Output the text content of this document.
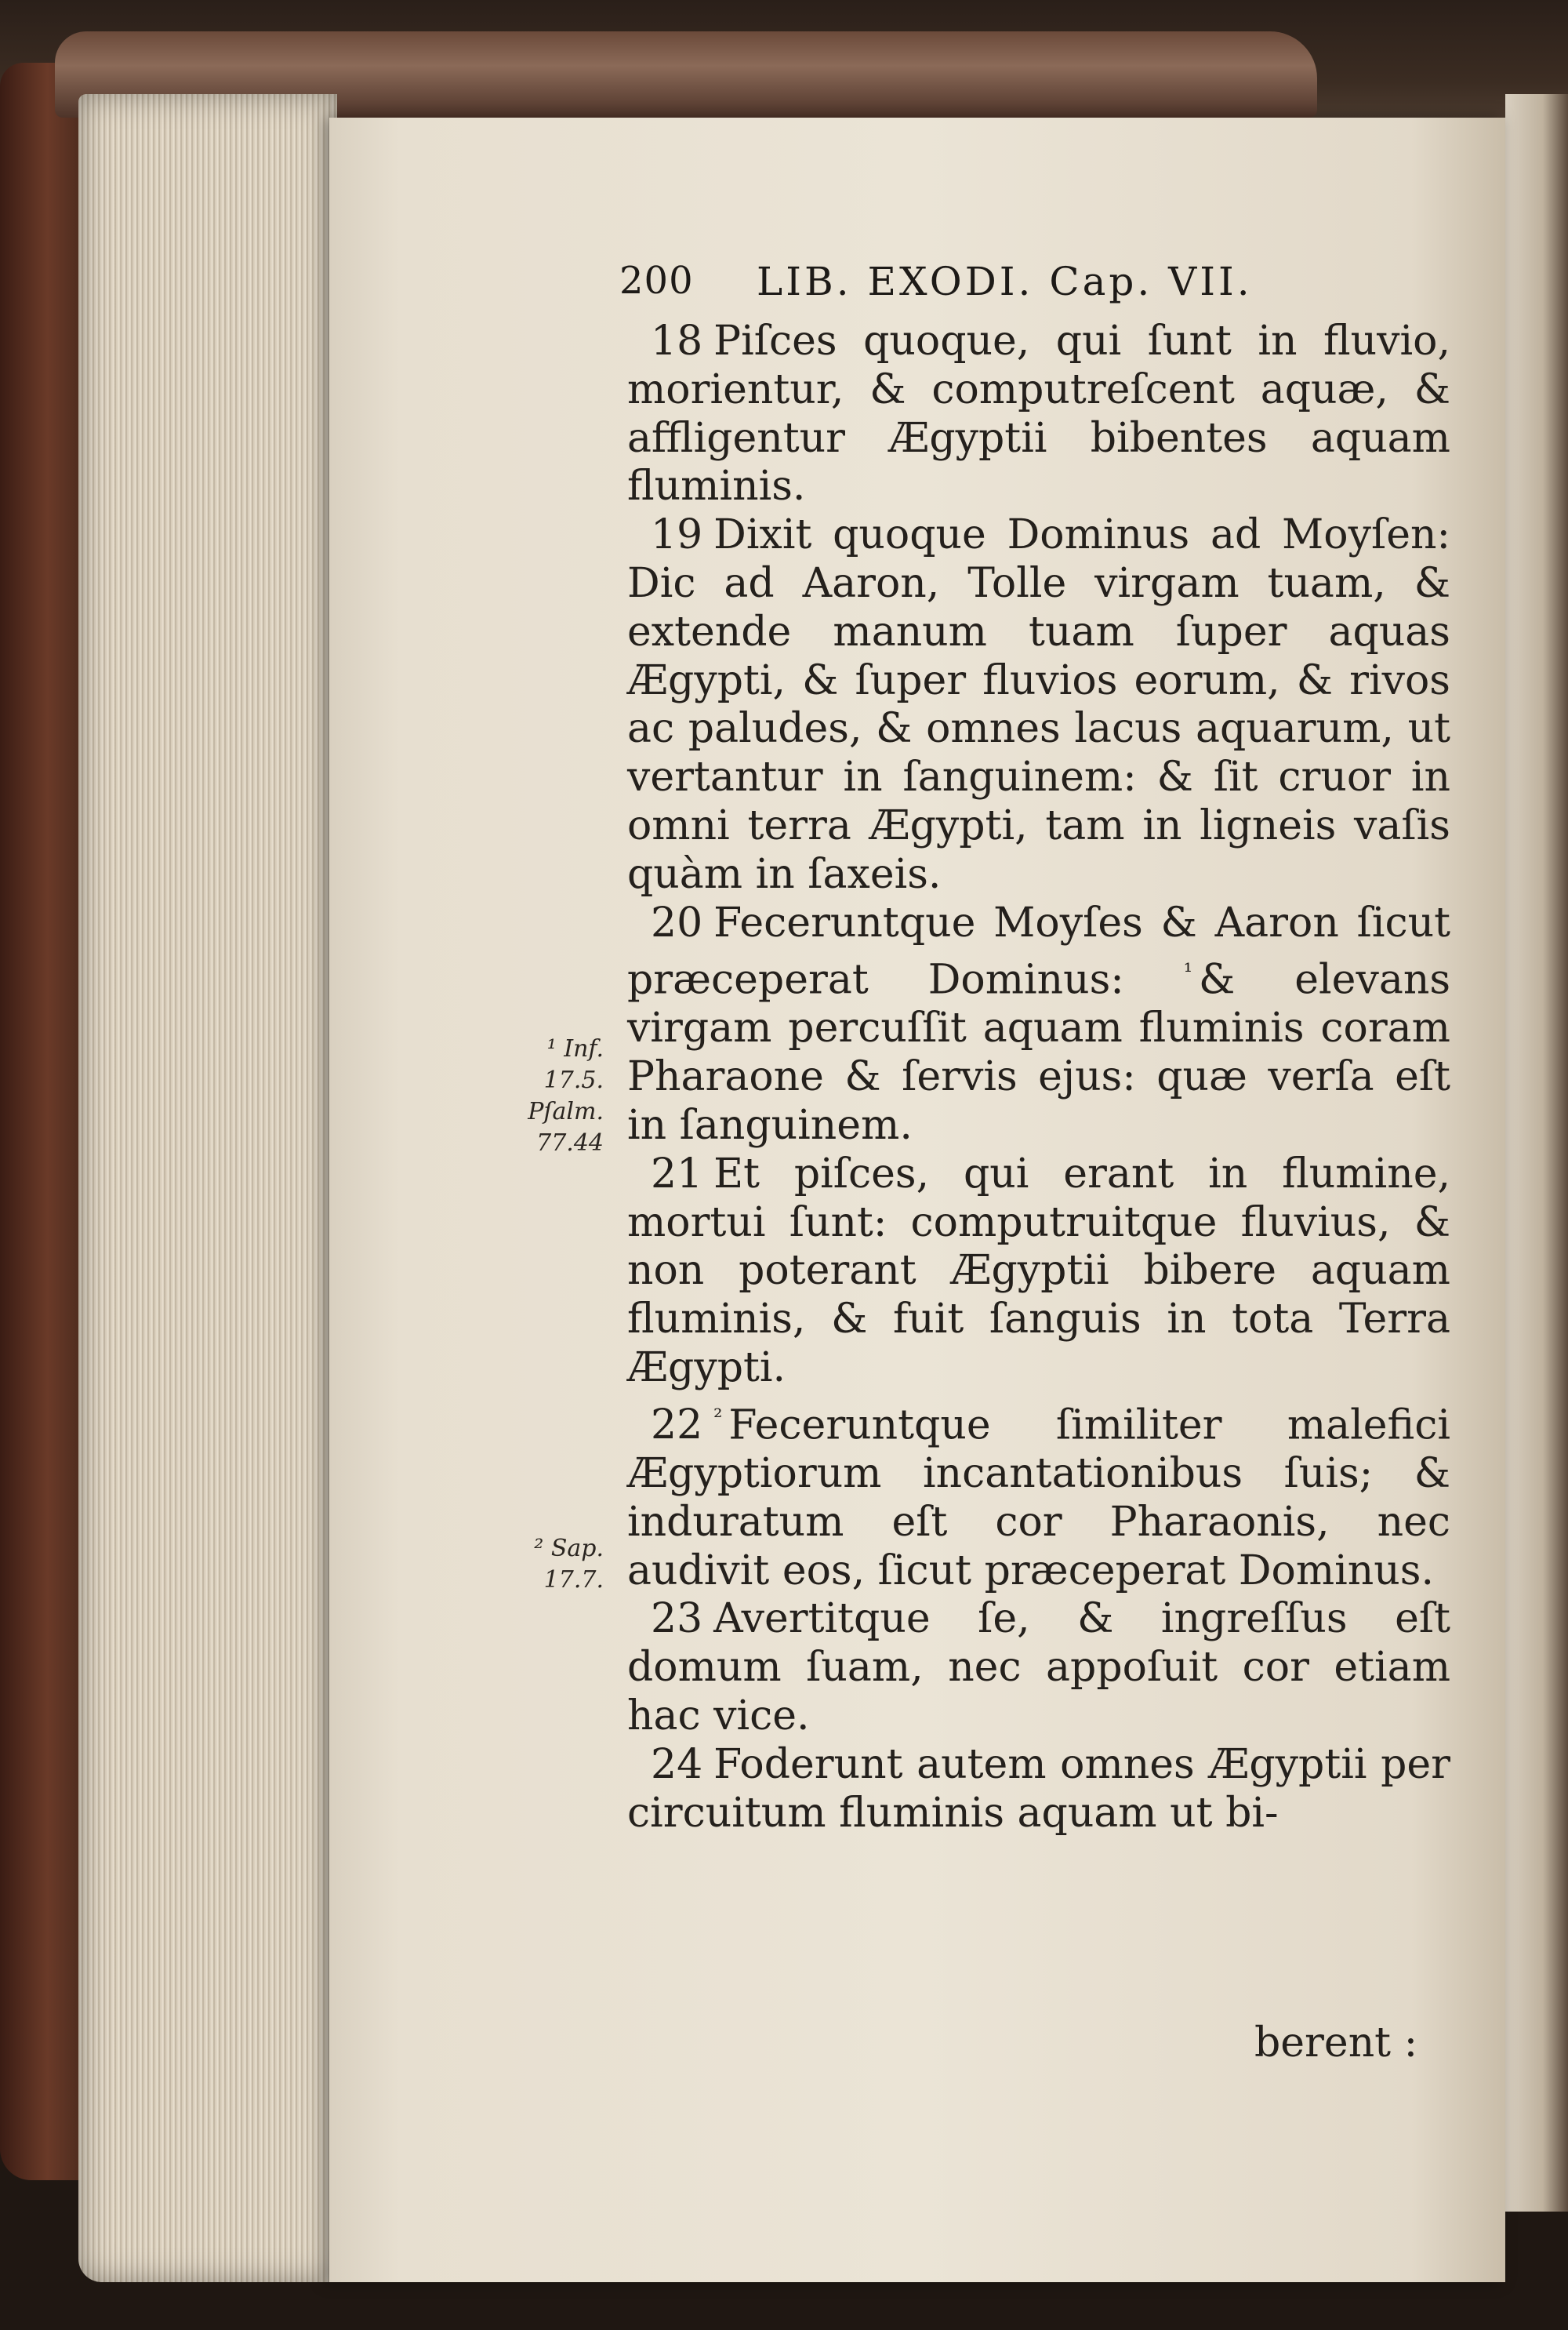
200 LIB. EXODI. Cap. VII.

18 Piſces quoque, qui ſunt in fluvio, morientur, & computreſcent aquæ, & affligentur Ægyptii bibentes aquam fluminis.

19 Dixit quoque Dominus ad Moyſen: Dic ad Aaron, Tolle virgam tuam, & extende manum tuam ſuper aquas Ægypti, & ſuper fluvios eorum, & rivos ac paludes, & omnes lacus aquarum, ut vertantur in ſanguinem: & ſit cruor in omni terra Ægypti, tam in ligneis vaſis quàm in ſaxeis.

20 Feceruntque Moyſes & Aaron ſicut præceperat Dominus:	$^{^1}$ & elevans virgam percuſſit aquam fluminis coram Pharaone & ſervis ejus: quæ verſa eſt in ſanguinem.

21 Et piſces, qui erant in flumine, mortui ſunt: computruitque fluvius, & non poterant Ægyptii bibere aquam fluminis, & fuit ſanguis in tota Terra Ægypti.

22 $^{^2}$ Feceruntque ſimiliter malefici Ægyptiorum incantationibus ſuis; & induratum eſt cor Pharaonis, nec audivit eos, ſicut præceperat Dominus.

23 Avertitque ſe, & ingreſſus eſt domum ſuam, nec appoſuit cor etiam hac vice.

24 Foderunt autem omnes Ægyptii per circuitum fluminis aquam ut bi-

berent :
¹ Inf.
17.5.
Pſalm.
77.44
² Sap.
17.7.
